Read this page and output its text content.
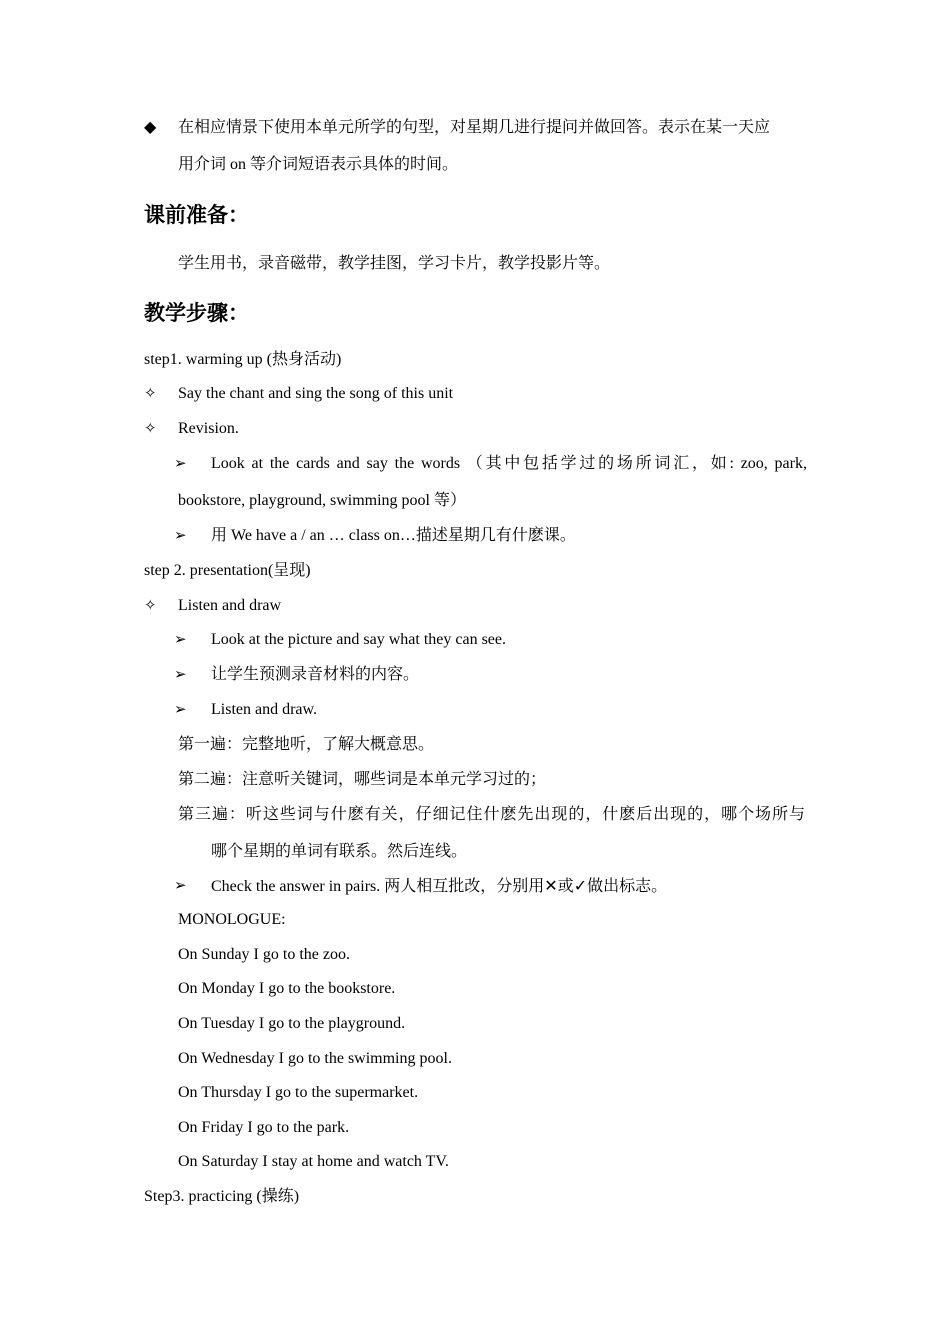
◆ 在相应情景下使用本单元所学的句型，对星期几进行提问并做回答。表示在某一天应
用介词 on 等介词短语表示具体的时间。
课前准备：
学生用书，录音磁带，教学挂图，学习卡片，教学投影片等。
教学步骤：
step1. warming up (热身活动)
✧ Say the chant and sing the song of this unit
✧ Revision.
➢ Look at the cards and say the words （其中包括学过的场所词汇，如: zoo, park,
bookstore, playground, swimming pool 等）
➢ 用 We have a / an … class on…描述星期几有什麽课。
step 2. presentation(呈现)
✧ Listen and draw
➢ Look at the picture and say what they can see.
➢ 让学生预测录音材料的内容。
➢ Listen and draw.
第一遍：完整地听，了解大概意思。
第二遍：注意听关键词，哪些词是本单元学习过的；
第三遍：听这些词与什麽有关，仔细记住什麽先出现的，什麽后出现的，哪个场所与
哪个星期的单词有联系。然后连线。
➢ Check the answer in pairs. 两人相互批改，分别用✕或✓做出标志。
MONOLOGUE:
On Sunday I go to the zoo.
On Monday I go to the bookstore.
On Tuesday I go to the playground.
On Wednesday I go to the swimming pool.
On Thursday I go to the supermarket.
On Friday I go to the park.
On Saturday I stay at home and watch TV.
Step3. practicing (操练)
